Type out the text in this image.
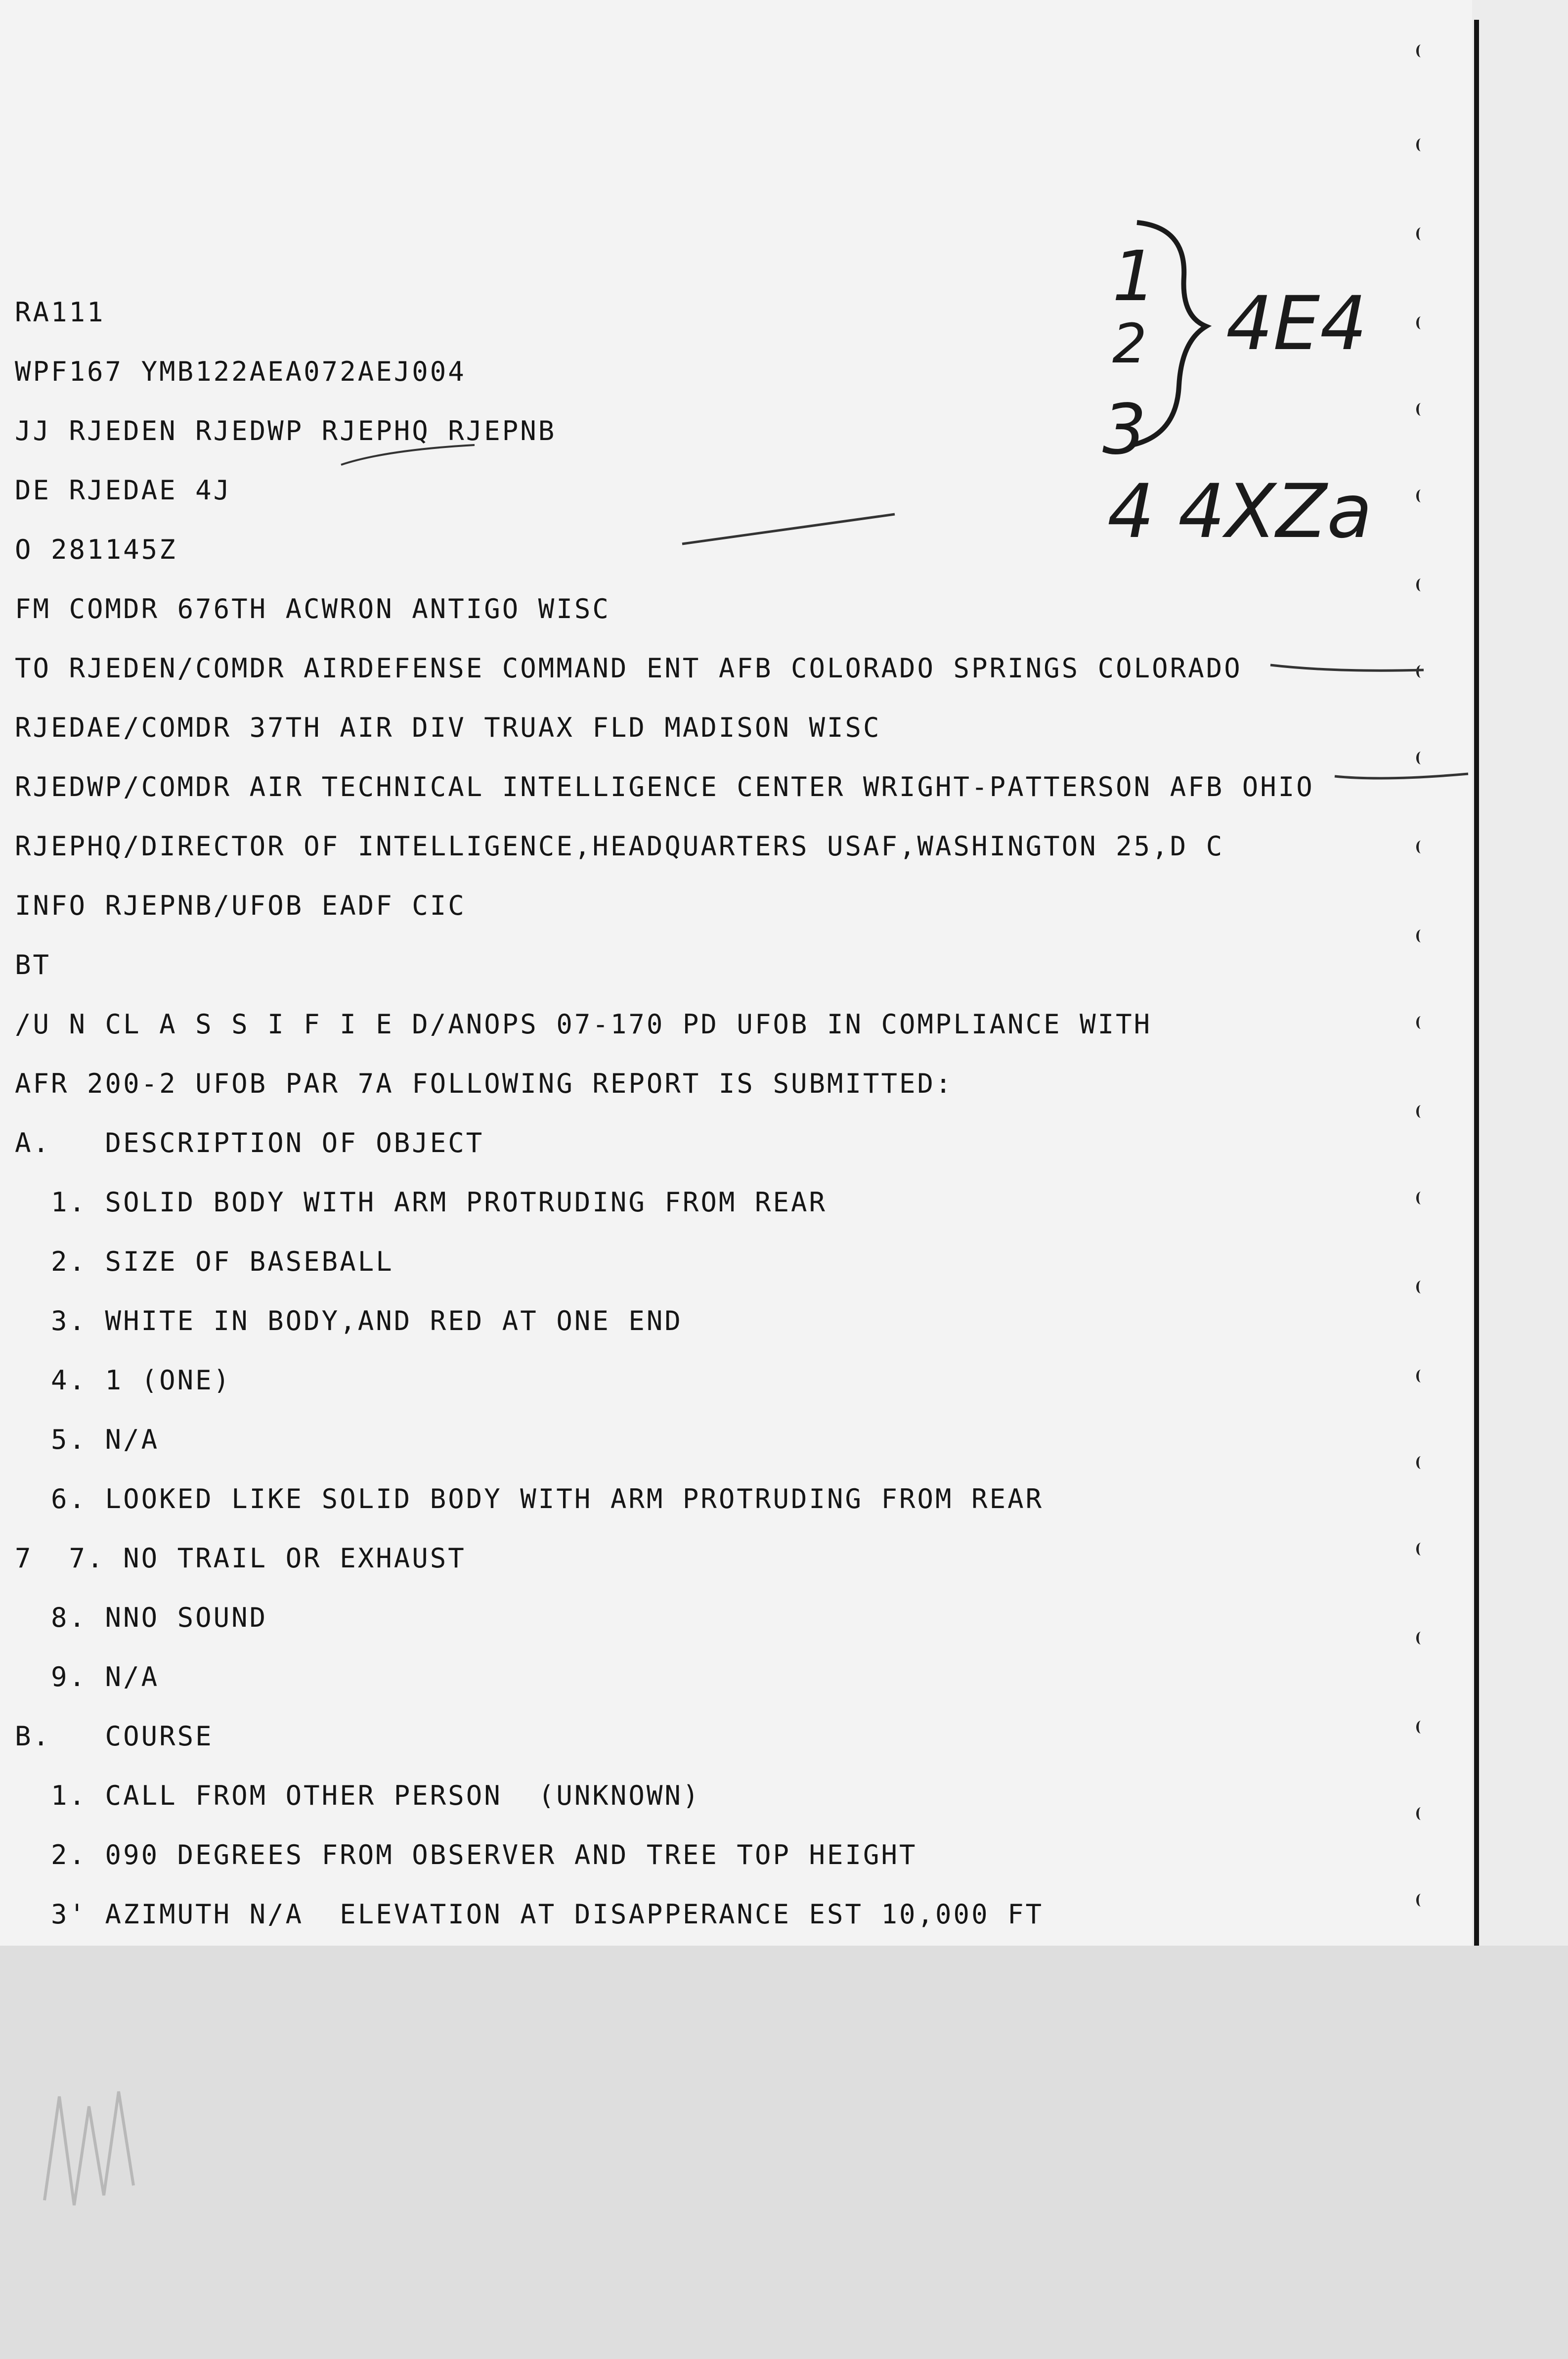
RA111
WPF167 YMB122AEA072AEJ004
JJ RJEDEN RJEDWP RJEPHQ RJEPNB
DE RJEDAE 4J
O 281145Z
FM COMDR 676TH ACWRON ANTIGO WISC
TO RJEDEN/COMDR AIRDEFENSE COMMAND ENT AFB COLORADO SPRINGS COLORADO
RJEDAE/COMDR 37TH AIR DIV TRUAX FLD MADISON WISC
RJEDWP/COMDR AIR TECHNICAL INTELLIGENCE CENTER WRIGHT-PATTERSON AFB OHIO
RJEPHQ/DIRECTOR OF INTELLIGENCE,HEADQUARTERS USAF,WASHINGTON 25,D C
INFO RJEPNB/UFOB EADF CIC
BT
/U N CL A S S I F I E D/ANOPS 07-170 PD UFOB IN COMPLIANCE WITH
AFR 200-2 UFOB PAR 7A FOLLOWING REPORT IS SUBMITTED:
A.   DESCRIPTION OF OBJECT
1. SOLID BODY WITH ARM PROTRUDING FROM REAR
2. SIZE OF BASEBALL
3. WHITE IN BODY,AND RED AT ONE END
4. 1 (ONE)
5. N/A
6. LOOKED LIKE SOLID BODY WITH ARM PROTRUDING FROM REAR
7  7. NO TRAIL OR EXHAUST
8. NNO SOUND
9. N/A
B.   COURSE
1. CALL FROM OTHER PERSON  (UNKNOWN)
2. 090 DEGREES FROM OBSERVER AND TREE TOP HEIGHT
3' AZIMUTH N/A  ELEVATION AT DISAPPERANCE EST 10,000 FT
1
2
3
4E4
4 4XZa
